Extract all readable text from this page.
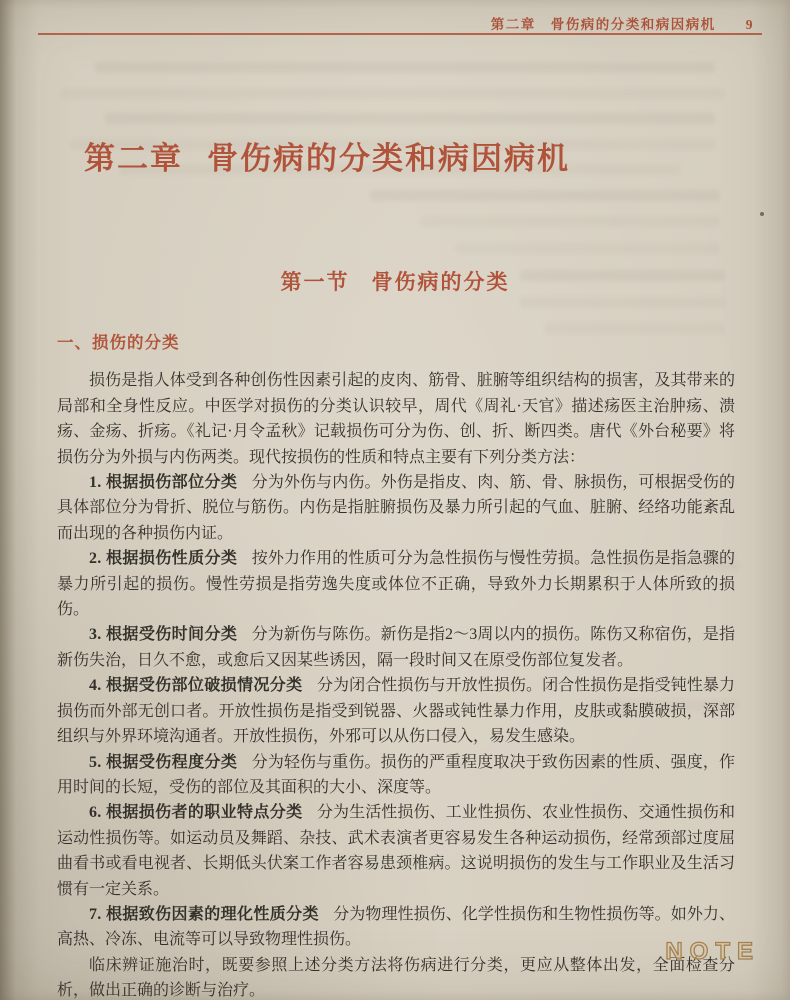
第二章　骨伤病的分类和病因病机 9
第二章 骨伤病的分类和病因病机
第一节 骨伤病的分类
一、损伤的分类

损伤是指人体受到各种创伤性因素引起的皮肉、筋骨、脏腑等组织结构的损害，及其带来的局部和全身性反应。中医学对损伤的分类认识较早，周代《周礼·天官》描述疡医主治肿疡、溃疡、金疡、折疡。《礼记·月令孟秋》记载损伤可分为伤、创、折、断四类。唐代《外台秘要》将损伤分为外损与内伤两类。现代按损伤的性质和特点主要有下列分类方法：

1. 根据损伤部位分类 分为外伤与内伤。外伤是指皮、肉、筋、骨、脉损伤，可根据受伤的具体部位分为骨折、脱位与筋伤。内伤是指脏腑损伤及暴力所引起的气血、脏腑、经络功能紊乱而出现的各种损伤内证。

2. 根据损伤性质分类 按外力作用的性质可分为急性损伤与慢性劳损。急性损伤是指急骤的暴力所引起的损伤。慢性劳损是指劳逸失度或体位不正确，导致外力长期累积于人体所致的损伤。

3. 根据受伤时间分类 分为新伤与陈伤。新伤是指2～3周以内的损伤。陈伤又称宿伤，是指新伤失治，日久不愈，或愈后又因某些诱因，隔一段时间又在原受伤部位复发者。

4. 根据受伤部位破损情况分类 分为闭合性损伤与开放性损伤。闭合性损伤是指受钝性暴力损伤而外部无创口者。开放性损伤是指受到锐器、火器或钝性暴力作用，皮肤或黏膜破损，深部组织与外界环境沟通者。开放性损伤，外邪可以从伤口侵入，易发生感染。

5. 根据受伤程度分类 分为轻伤与重伤。损伤的严重程度取决于致伤因素的性质、强度，作用时间的长短，受伤的部位及其面积的大小、深度等。

6. 根据损伤者的职业特点分类 分为生活性损伤、工业性损伤、农业性损伤、交通性损伤和运动性损伤等。如运动员及舞蹈、杂技、武术表演者更容易发生各种运动损伤，经常颈部过度屈曲看书或看电视者、长期低头伏案工作者容易患颈椎病。这说明损伤的发生与工作职业及生活习惯有一定关系。

7. 根据致伤因素的理化性质分类 分为物理性损伤、化学性损伤和生物性损伤等。如外力、高热、冷冻、电流等可以导致物理性损伤。

临床辨证施治时，既要参照上述分类方法将伤病进行分类，更应从整体出发，全面检查分析，做出正确的诊断与治疗。

NOTE
